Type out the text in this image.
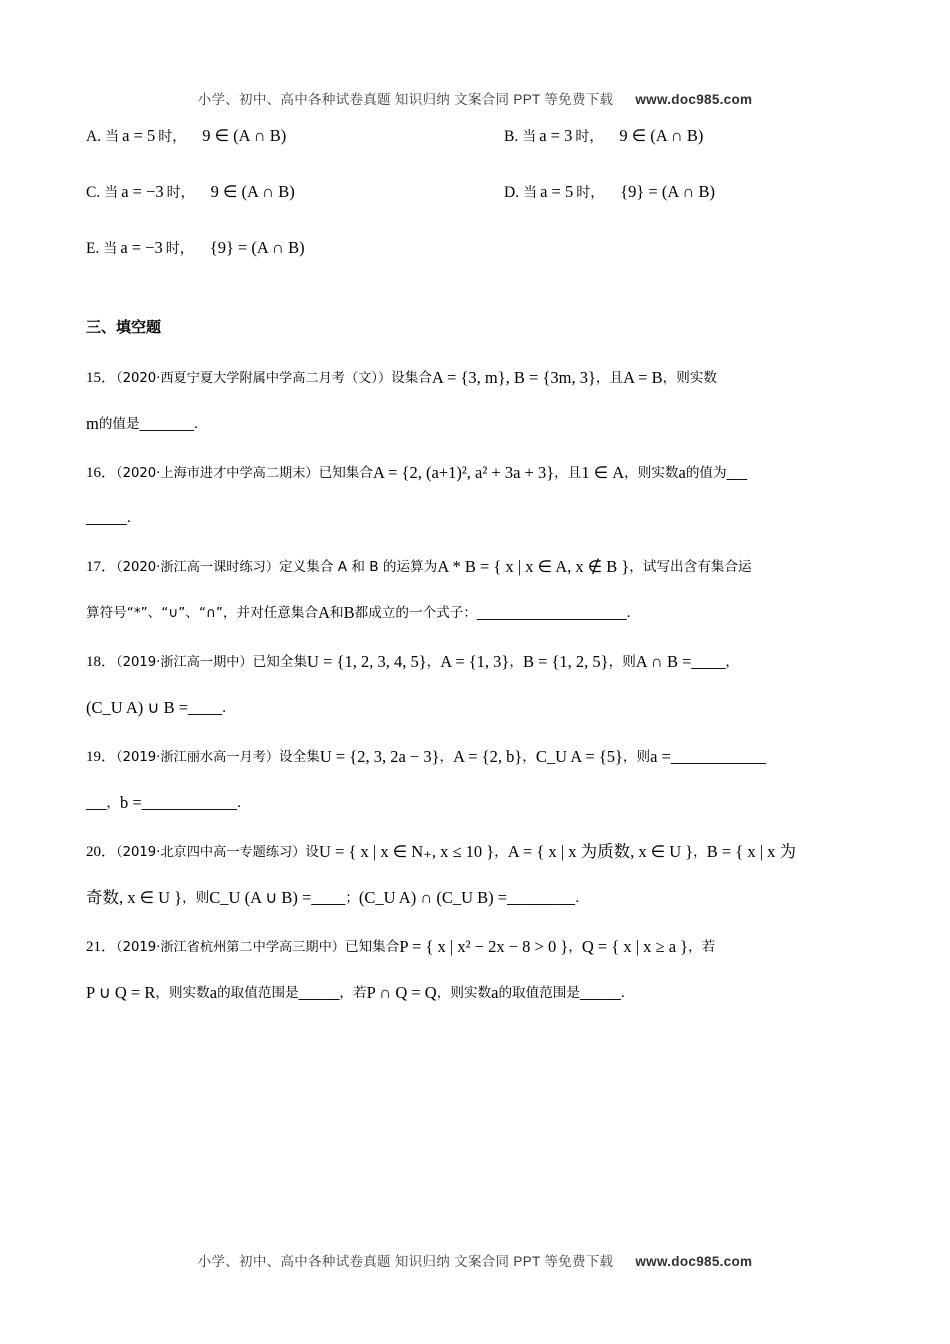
小学、初中、高中各种试卷真题 知识归纳 文案合同 PPT 等免费下载 www.doc985.com
A. 当 a = 5 时， 9 ∈ (A ∩ B)	B. 当 a = 3 时， 9 ∈ (A ∩ B)
C. 当 a = −3 时， 9 ∈ (A ∩ B)	D. 当 a = 5 时， {9} = (A ∩ B)
E. 当 a = −3 时， {9} = (A ∩ B)
三、填空题
15．（2020·西夏宁夏大学附属中学高二月考（文））设集合A = {3, m}, B = {3m, 3}，且A = B，则实数
m的值是________．
16．（2020·上海市进才中学高二期末）已知集合A = {2, (a+1)², a² + 3a + 3}，且1 ∈ A，则实数a的值为___
______．
17．（2020·浙江高一课时练习）定义集合 A 和 B 的运算为A * B = { x | x ∈ A, x ∉ B }，试写出含有集合运
算符号“*”、“∪”、“∩”，并对任意集合A和B都成立的一个式子：______________________．
18．（2019·浙江高一期中）已知全集U = {1, 2, 3, 4, 5}，A = {1, 3}，B = {1, 2, 5}，则A ∩ B =_____，
(C_U A) ∪ B =_____．
19．（2019·浙江丽水高一月考）设全集U = {2, 3, 2a − 3}，A = {2, b}，C_U A = {5}，则a =______________
___，b =______________．
20．（2019·北京四中高一专题练习）设U = { x | x ∈ N₊, x ≤ 10 }，A = { x | x 为质数, x ∈ U }，B = { x | x 为
奇数, x ∈ U }，则C_U (A ∪ B) =_____；(C_U A) ∩ (C_U B) =__________．
21．（2019·浙江省杭州第二中学高三期中）已知集合P = { x | x² − 2x − 8 > 0 }，Q = { x | x ≥ a }，若
P ∪ Q = R，则实数a的取值范围是______，若P ∩ Q = Q，则实数a的取值范围是______．
小学、初中、高中各种试卷真题 知识归纳 文案合同 PPT 等免费下载 www.doc985.com
